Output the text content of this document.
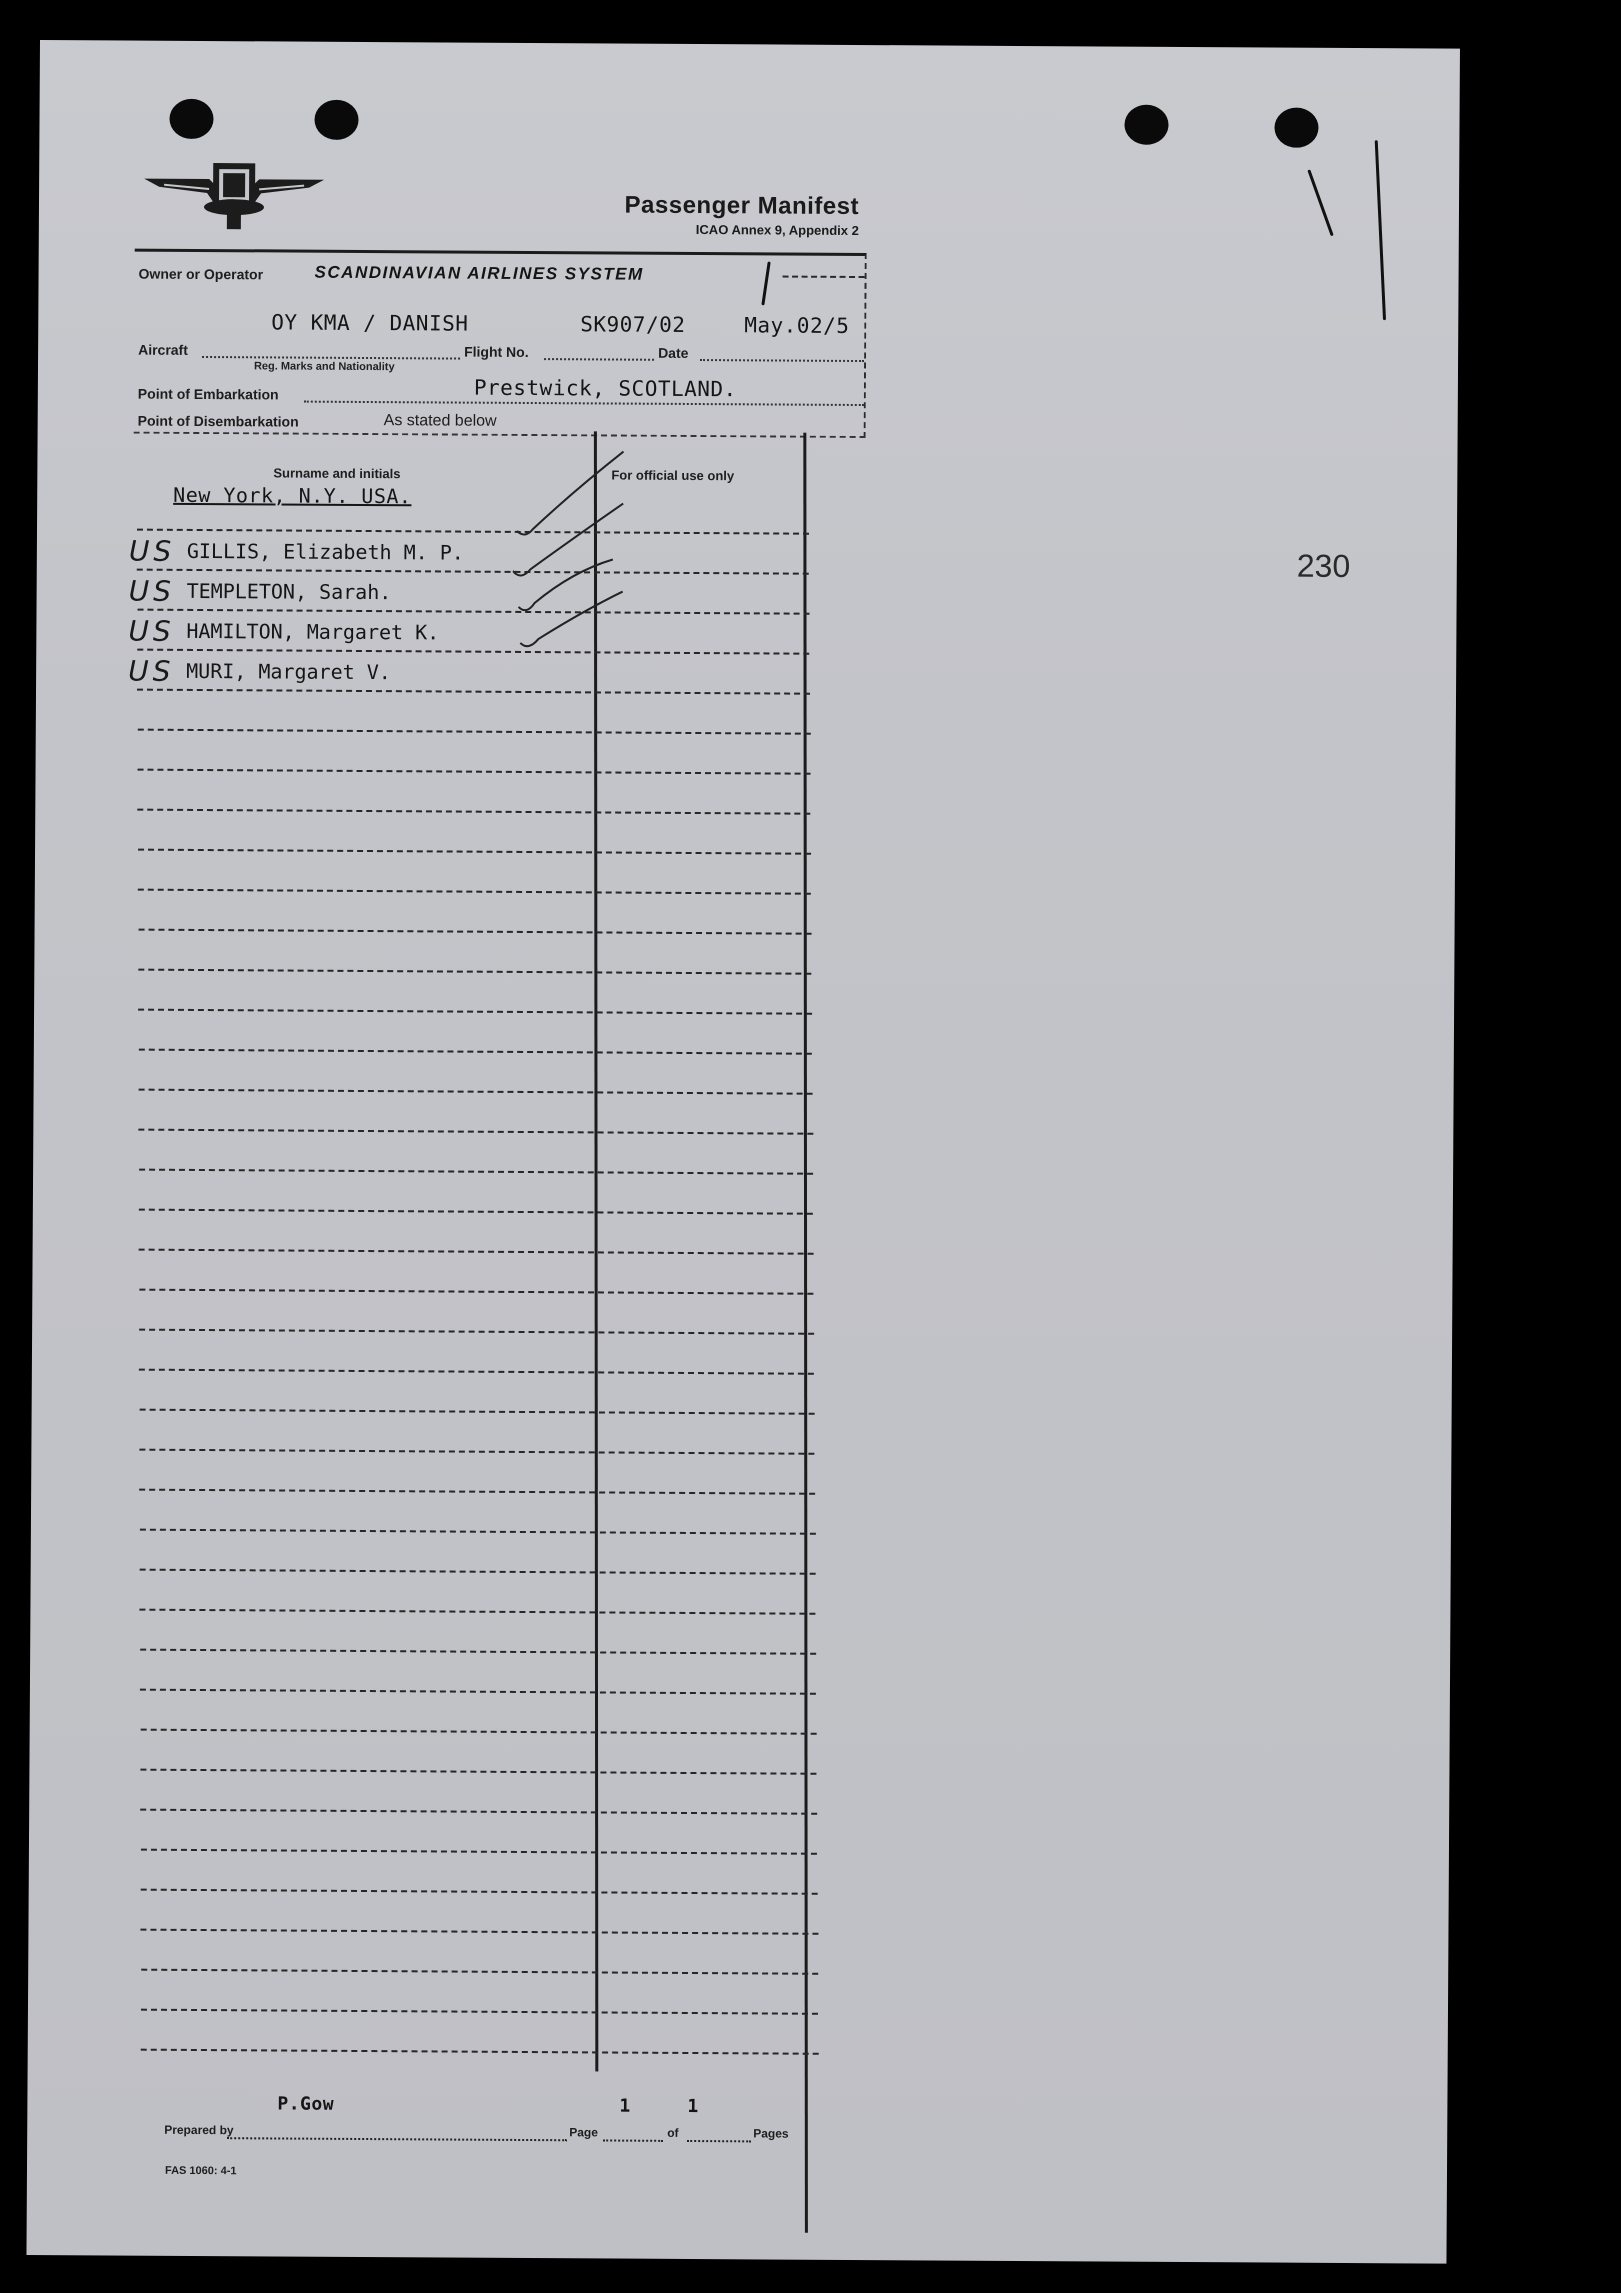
Passenger Manifest
ICAO Annex 9, Appendix 2
Owner or Operator	SCANDINAVIAN AIRLINES SYSTEM
OY KMA / DANISH	SK907/02	May.02/5
Aircraft	Flight No.	Date
Reg. Marks and Nationality
Prestwick, SCOTLAND.
Point of Embarkation
Point of Disembarkation	As stated below
230
Surname and initials	For official use only
New York, N.Y. USA.
US GILLIS, Elizabeth M. P.
US TEMPLETON, Sarah.
US HAMILTON, Margaret K.
US MURI, Margaret V.
P.Gow	1	1
Prepared by	Page	of	Pages
FAS 1060: 4-1
